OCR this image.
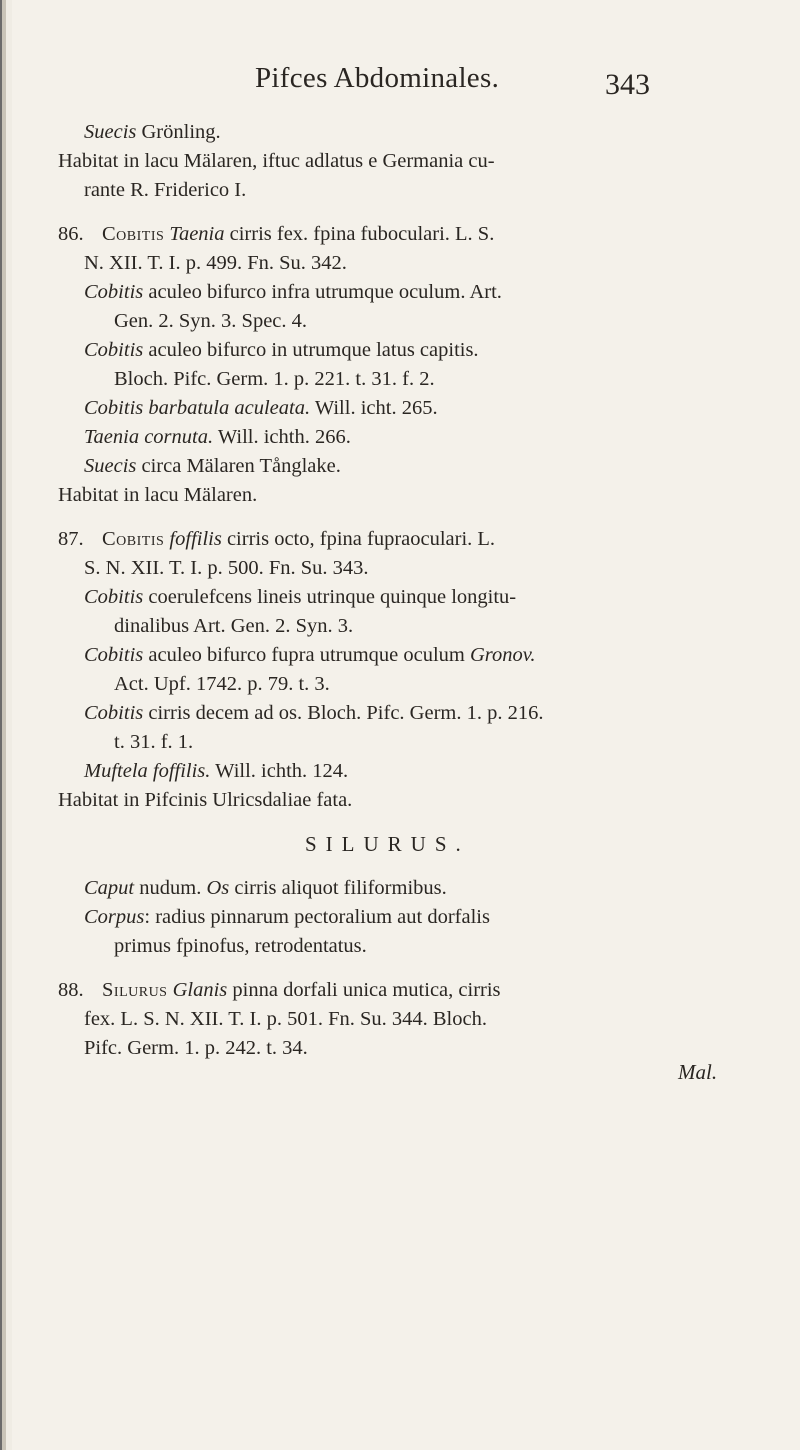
Pifces Abdominales.	343
Suecis Grönling.
Habitat in lacu Mälaren, iftuc adlatus e Germania cu-
rante R. Friderico I.
86.Cobitis Taenia cirris fex. fpina fuboculari. L. S.
N. XII. T. I. p. 499. Fn. Su. 342.
Cobitis aculeo bifurco infra utrumque oculum. Art.
Gen. 2. Syn. 3. Spec. 4.
Cobitis aculeo bifurco in utrumque latus capitis.
Bloch. Pifc. Germ. 1. p. 221. t. 31. f. 2.
Cobitis barbatula aculeata. Will. icht. 265.
Taenia cornuta. Will. ichth. 266.
Suecis circa Mälaren Tånglake.
Habitat in lacu Mälaren.
87.Cobitis foffilis cirris octo, fpina fupraoculari. L.
S. N. XII. T. I. p. 500. Fn. Su. 343.
Cobitis coerulefcens lineis utrinque quinque longitu-
dinalibus Art. Gen. 2. Syn. 3.
Cobitis aculeo bifurco fupra utrumque oculum Gronov.
Act. Upf. 1742. p. 79. t. 3.
Cobitis cirris decem ad os. Bloch. Pifc. Germ. 1. p. 216.
t. 31. f. 1.
Muftela foffilis. Will. ichth. 124.
Habitat in Pifcinis Ulricsdaliae fata.
SILURUS.
Caput nudum. Os cirris aliquot filiformibus.
Corpus: radius pinnarum pectoralium aut dorfalis
primus fpinofus, retrodentatus.
88.Silurus Glanis pinna dorfali unica mutica, cirris
fex. L. S. N. XII. T. I. p. 501. Fn. Su. 344. Bloch.
Pifc. Germ. 1. p. 242. t. 34.
Mal.
